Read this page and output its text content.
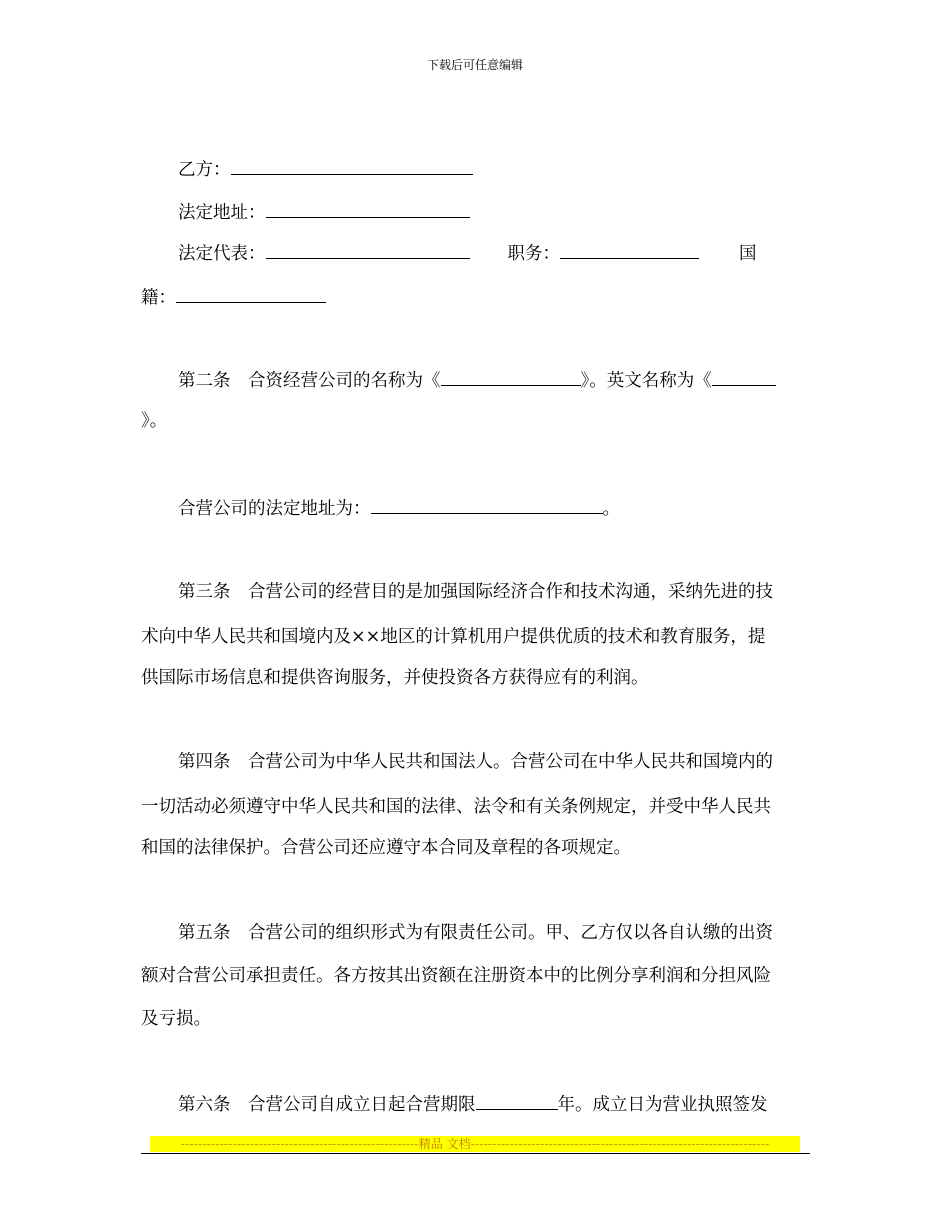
下载后可任意编辑
乙方：
法定地址：
法定代表：	职务：	国
籍：
第二条　合资经营公司的名称为《	》。英文名称为《
》。
合营公司的法定地址为：	。
第三条　合营公司的经营目的是加强国际经济合作和技术沟通，采纳先进的技
术向中华人民共和国境内及××地区的计算机用户提供优质的技术和教育服务，提
供国际市场信息和提供咨询服务，并使投资各方获得应有的利润。
第四条　合营公司为中华人民共和国法人。合营公司在中华人民共和国境内的
一切活动必须遵守中华人民共和国的法律、法令和有关条例规定，并受中华人民共
和国的法律保护。合营公司还应遵守本合同及章程的各项规定。
第五条　合营公司的组织形式为有限责任公司。甲、乙方仅以各自认缴的出资
额对合营公司承担责任。各方按其出资额在注册资本中的比例分享利润和分担风险
及亏损。
第六条　合营公司自成立日起合营期限	年。成立日为营业执照签发
-------------------------------------------------------精品 文档---------------------------------------------------------------------
